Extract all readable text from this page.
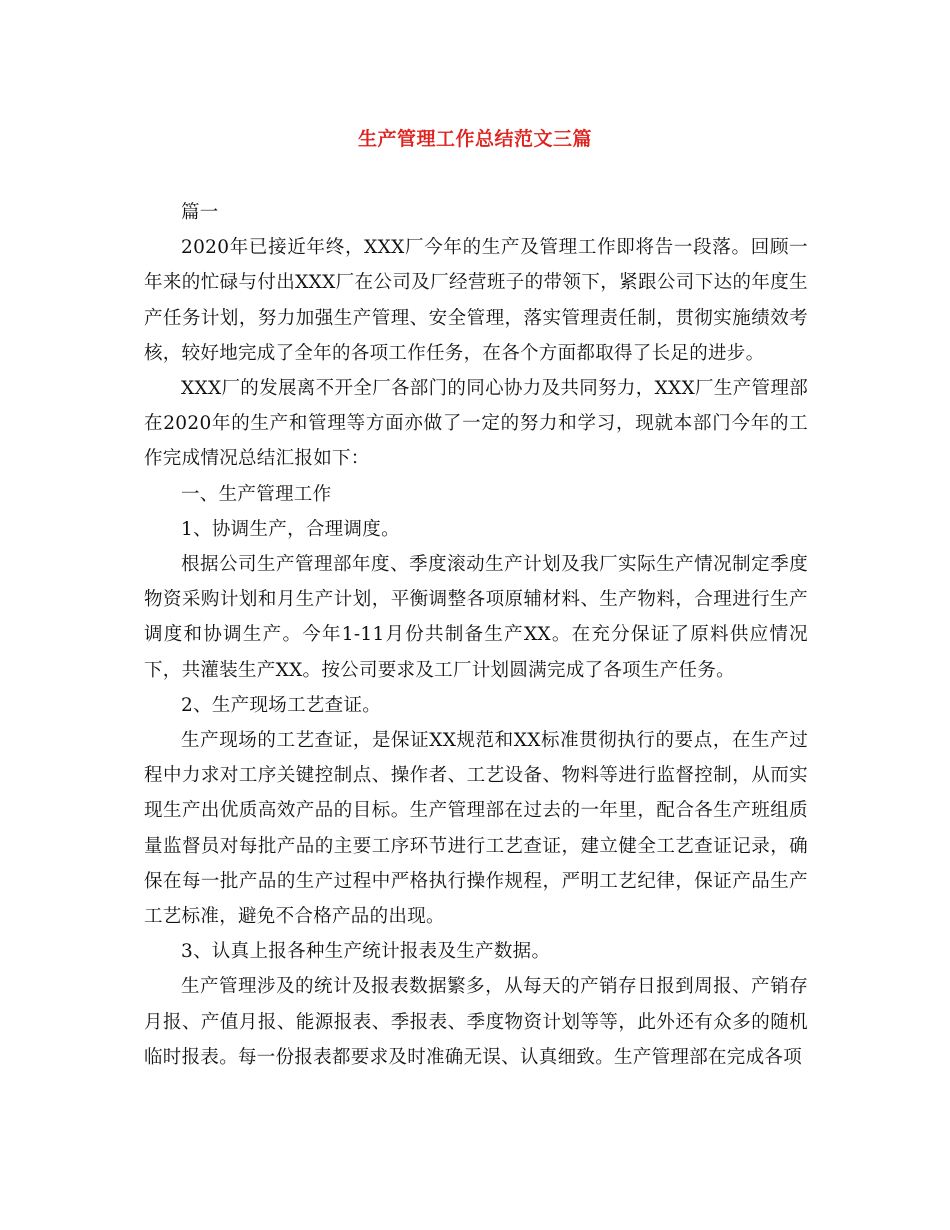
生产管理工作总结范文三篇

篇一

2020年已接近年终，XXX厂今年的生产及管理工作即将告一段落。回顾一年来的忙碌与付出XXX厂在公司及厂经营班子的带领下，紧跟公司下达的年度生产任务计划，努力加强生产管理、安全管理，落实管理责任制，贯彻实施绩效考核，较好地完成了全年的各项工作任务，在各个方面都取得了长足的进步。

XXX厂的发展离不开全厂各部门的同心协力及共同努力，XXX厂生产管理部在2020年的生产和管理等方面亦做了一定的努力和学习，现就本部门今年的工作完成情况总结汇报如下：

一、生产管理工作

1、协调生产，合理调度。

根据公司生产管理部年度、季度滚动生产计划及我厂实际生产情况制定季度物资采购计划和月生产计划，平衡调整各项原辅材料、生产物料，合理进行生产调度和协调生产。今年1-11月份共制备生产XX。在充分保证了原料供应情况下，共灌装生产XX。按公司要求及工厂计划圆满完成了各项生产任务。

2、生产现场工艺查证。

生产现场的工艺查证，是保证XX规范和XX标准贯彻执行的要点，在生产过程中力求对工序关键控制点、操作者、工艺设备、物料等进行监督控制，从而实现生产出优质高效产品的目标。生产管理部在过去的一年里，配合各生产班组质量监督员对每批产品的主要工序环节进行工艺查证，建立健全工艺查证记录，确保在每一批产品的生产过程中严格执行操作规程，严明工艺纪律，保证产品生产工艺标准，避免不合格产品的出现。

3、认真上报各种生产统计报表及生产数据。

生产管理涉及的统计及报表数据繁多，从每天的产销存日报到周报、产销存月报、产值月报、能源报表、季报表、季度物资计划等等，此外还有众多的随机临时报表。每一份报表都要求及时准确无误、认真细致。生产管理部在完成各项
